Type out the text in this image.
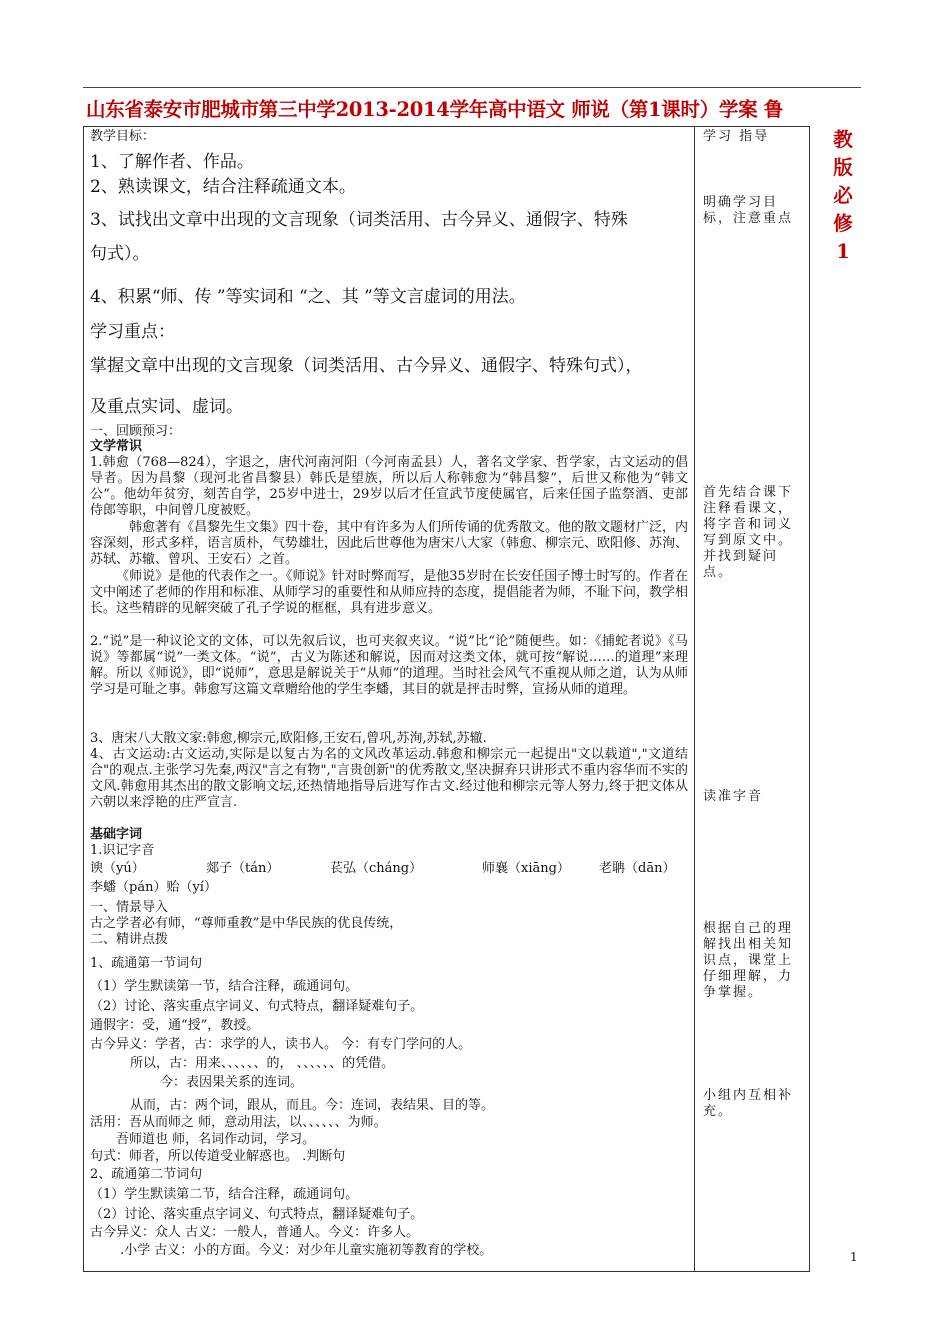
山东省泰安市肥城市第三中学2013-2014学年高中语文 师说（第1课时）学案 鲁
教
版
必
修
1
教学目标：
1、了解作者、作品。
2、熟读课文，结合注释疏通文本。
3、试找出文章中出现的文言现象（词类活用、古今异义、通假字、特殊
句式）。
4、积累“师、传 ”等实词和 “之、其 ”等文言虚词的用法。
学习重点：
掌握文章中出现的文言现象（词类活用、古今异义、通假字、特殊句式），
及重点实词、虚词。
一、回顾预习：
文学常识
1.韩愈（768—824），字退之，唐代河南河阳（今河南孟县）人，著名文学家、哲学家，古文运动的倡导者。因为昌黎（现河北省昌黎县）韩氏是望族，所以后人称韩愈为“韩昌黎”，后世又称他为“韩文公”。他幼年贫穷，刻苦自学，25岁中进士，29岁以后才任宣武节度使属官，后来任国子监祭酒、吏部侍郎等职，中间曾几度被贬。
韩愈著有《昌黎先生文集》四十卷，其中有许多为人们所传诵的优秀散文。他的散文题材广泛，内容深刻，形式多样，语言质朴，气势雄壮，因此后世尊他为唐宋八大家（韩愈、柳宗元、欧阳修、苏洵、苏轼、苏辙、曾巩、王安石）之首。
《师说》是他的代表作之一。《师说》针对时弊而写，是他35岁时在长安任国子博士时写的。作者在文中阐述了老师的作用和标准、从师学习的重要性和从师应持的态度，提倡能者为师，不耻下问，教学相长。这些精辟的见解突破了孔子学说的框框，具有进步意义。
2.“说”是一种议论文的文体，可以先叙后议，也可夹叙夹议。“说”比“论”随便些。如：《捕蛇者说》《马说》等都属“说”一类文体。“说”，古义为陈述和解说，因而对这类文体，就可按“解说……的道理”来理解。所以《师说》，即“说师”，意思是解说关于“从师”的道理。当时社会风气不重视从师之道，认为从师学习是可耻之事。韩愈写这篇文章赠给他的学生李蟠，其目的就是抨击时弊，宣扬从师的道理。
3、唐宋八大散文家:韩愈,柳宗元,欧阳修,王安石,曾巩,苏洵,苏轼,苏辙.
4、古文运动:古文运动,实际是以复古为名的文风改革运动.韩愈和柳宗元一起提出"文以载道","文道结合"的观点.主张学习先秦,两汉"言之有物","言贵创新"的优秀散文,坚决摒弃只讲形式不重内容华而不实的文风.韩愈用其杰出的散文影响文坛,还热情地指导后进写作古文.经过他和柳宗元等人努力,终于把文体从六朝以来浮艳的庄严宣言.
基础字词
1.识记字音
谀（yú）	郯子（tán）	苌弘（cháng）	师襄（xiāng） 老聃（dān）
李蟠（pán）贻（yí）
一、情景导入
古之学者必有师，“尊师重教”是中华民族的优良传统，
二、精讲点拨
1、疏通第一节词句
（1）学生默读第一节，结合注释，疏通词句。
（2）讨论、落实重点字词义、句式特点，翻译疑难句子。
通假字：受，通“授”，教授。
古今异义：学者，古：求学的人，读书人。 今：有专门学问的人。
所以，古：用来、、、、、、的， 、、、、、、的凭借。
今：表因果关系的连词。
从而，古：两个词，跟从，而且。今：连词，表结果、目的等。
活用：吾从而师之 师，意动用法，以、、、、、、为师。
吾师道也 师，名词作动词，学习。
句式：师者，所以传道受业解惑也。 .判断句
2、疏通第二节词句
（1）学生默读第二节，结合注释，疏通词句。
（2）讨论、落实重点字词义、句式特点，翻译疑难句子。
古今异义：众人 古义：一般人，普通人。今义：许多人。
.小学 古义：小的方面。今义：对少年儿童实施初等教育的学校。
学习 指导
明确学习目标，注意重点
首先结合课下注释看课文，将字音和词义写到原文中。并找到疑问点。
读准字音
根据自己的理解找出相关知识点，课堂上仔细理解，力争掌握。
小组内互相补充。
1
